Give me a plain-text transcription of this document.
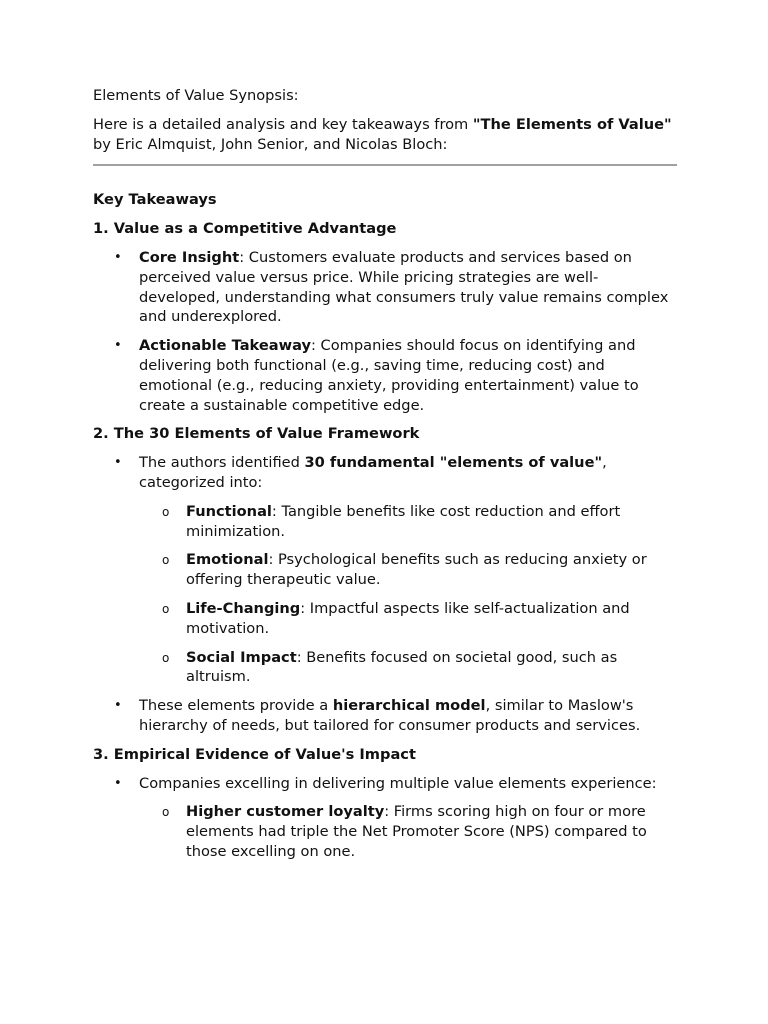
Elements of Value Synopsis:

Here is a detailed analysis and key takeaways from "The Elements of Value" by Eric Almquist, John Senior, and Nicolas Bloch:

Key Takeaways

1. Value as a Competitive Advantage

• Core Insight: Customers evaluate products and services based on perceived value versus price. While pricing strategies are well-developed, understanding what consumers truly value remains complex and underexplored.
• Actionable Takeaway: Companies should focus on identifying and delivering both functional (e.g., saving time, reducing cost) and emotional (e.g., reducing anxiety, providing entertainment) value to create a sustainable competitive edge.

2. The 30 Elements of Value Framework

• The authors identified 30 fundamental "elements of value", categorized into:
o Functional: Tangible benefits like cost reduction and effort minimization.
o Emotional: Psychological benefits such as reducing anxiety or offering therapeutic value.
o Life-Changing: Impactful aspects like self-actualization and motivation.
o Social Impact: Benefits focused on societal good, such as altruism.
• These elements provide a hierarchical model, similar to Maslow's hierarchy of needs, but tailored for consumer products and services.

3. Empirical Evidence of Value's Impact

• Companies excelling in delivering multiple value elements experience:
o Higher customer loyalty: Firms scoring high on four or more elements had triple the Net Promoter Score (NPS) compared to those excelling on one.
